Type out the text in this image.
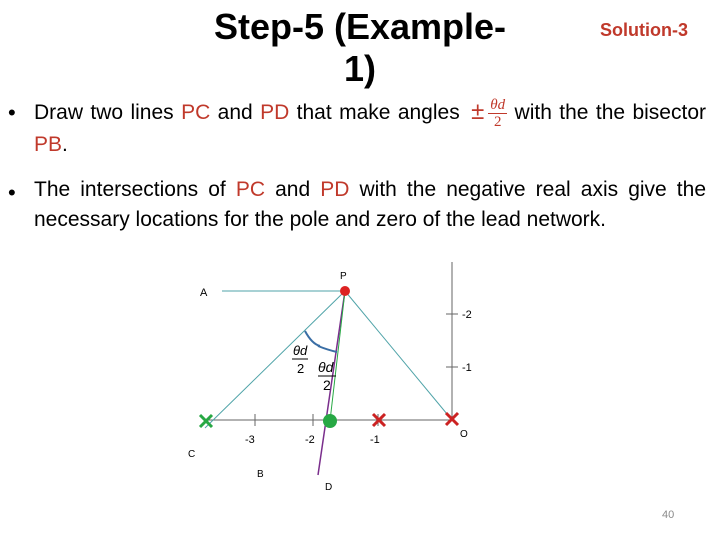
Step-5 (Example-1)
Solution-3
• Draw two lines PC and PD that make angles ± $\frac{\theta d}{2}$ with the the bisector PB.
• The intersections of PC and PD with the negative real axis give the necessary locations for the pole and zero of the lead network.
θd
2 θd
2
P
A
C
B
D
O
-3	-2	-1
-2
-1
40
